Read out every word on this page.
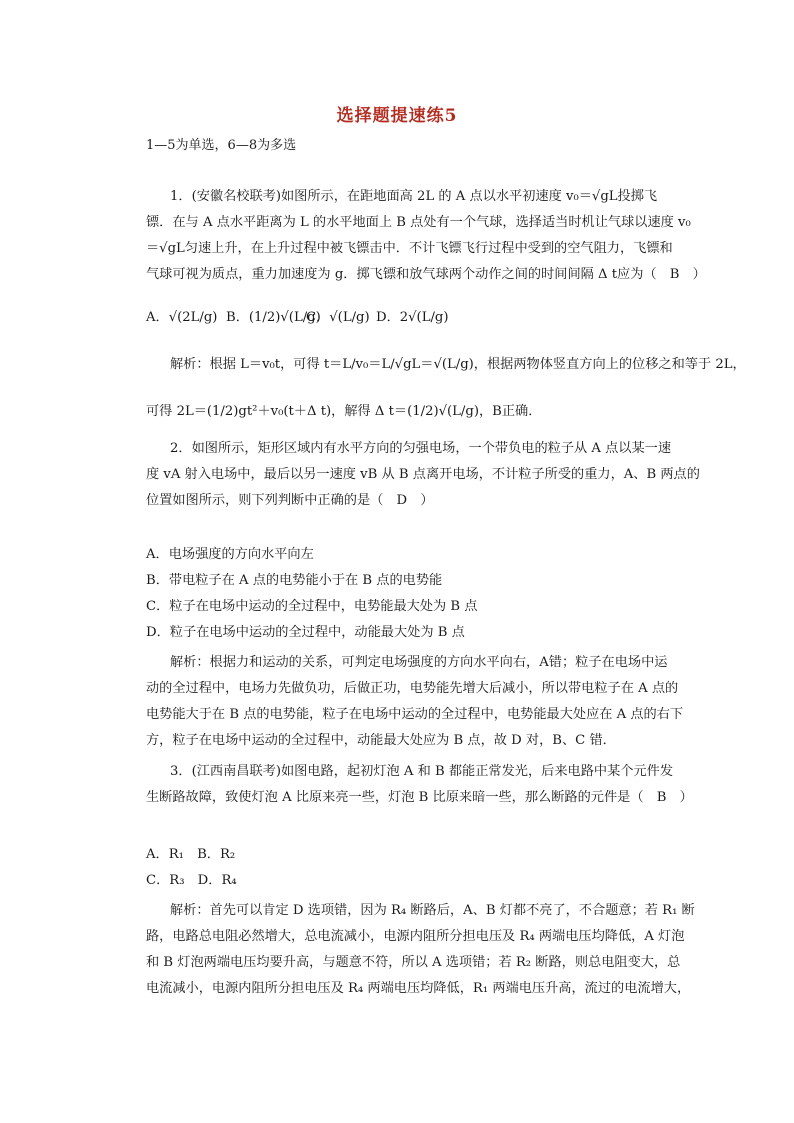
选择题提速练5
1—5为单选，6—8为多选
1．(安徽名校联考)如图所示，在距地面高 2L 的 A 点以水平初速度 v₀＝√gL投掷飞
镖．在与 A 点水平距离为 L 的水平地面上 B 点处有一个气球，选择适当时机让气球以速度 v₀
＝√gL匀速上升，在上升过程中被飞镖击中．不计飞镖飞行过程中受到的空气阻力，飞镖和
气球可视为质点，重力加速度为 g．掷飞镖和放气球两个动作之间的时间间隔 Δ t应为（　B　）
A．√(2L/g) B．(1/2)√(L/g)
C．√(L/g) D．2√(L/g)
解析：根据 L＝v₀t，可得 t＝L/v₀＝L/√gL＝√(L/g)，根据两物体竖直方向上的位移之和等于 2L，
可得 2L＝(1/2)gt²＋v₀(t＋Δ t)，解得 Δ t＝(1/2)√(L/g)，B正确．
2．如图所示，矩形区域内有水平方向的匀强电场，一个带负电的粒子从 A 点以某一速
度 vA 射入电场中，最后以另一速度 vB 从 B 点离开电场，不计粒子所受的重力，A、B 两点的
位置如图所示，则下列判断中正确的是（　D　）
A．电场强度的方向水平向左
B．带电粒子在 A 点的电势能小于在 B 点的电势能
C．粒子在电场中运动的全过程中，电势能最大处为 B 点
D．粒子在电场中运动的全过程中，动能最大处为 B 点
解析：根据力和运动的关系，可判定电场强度的方向水平向右，A错；粒子在电场中运
动的全过程中，电场力先做负功，后做正功，电势能先增大后减小，所以带电粒子在 A 点的
电势能大于在 B 点的电势能，粒子在电场中运动的全过程中，电势能最大处应在 A 点的右下
方，粒子在电场中运动的全过程中，动能最大处应为 B 点，故 D 对，B、C 错．
3．(江西南昌联考)如图电路，起初灯泡 A 和 B 都能正常发光，后来电路中某个元件发
生断路故障，致使灯泡 A 比原来亮一些，灯泡 B 比原来暗一些，那么断路的元件是（　B　）
A．R₁　B．R₂
C．R₃　D．R₄
解析：首先可以肯定 D 选项错，因为 R₄ 断路后，A、B 灯都不亮了，不合题意；若 R₁ 断
路，电路总电阻必然增大，总电流减小，电源内阻所分担电压及 R₄ 两端电压均降低，A 灯泡
和 B 灯泡两端电压均要升高，与题意不符，所以 A 选项错；若 R₂ 断路，则总电阻变大，总
电流减小，电源内阻所分担电压及 R₄ 两端电压均降低，R₁ 两端电压升高，流过的电流增大，
